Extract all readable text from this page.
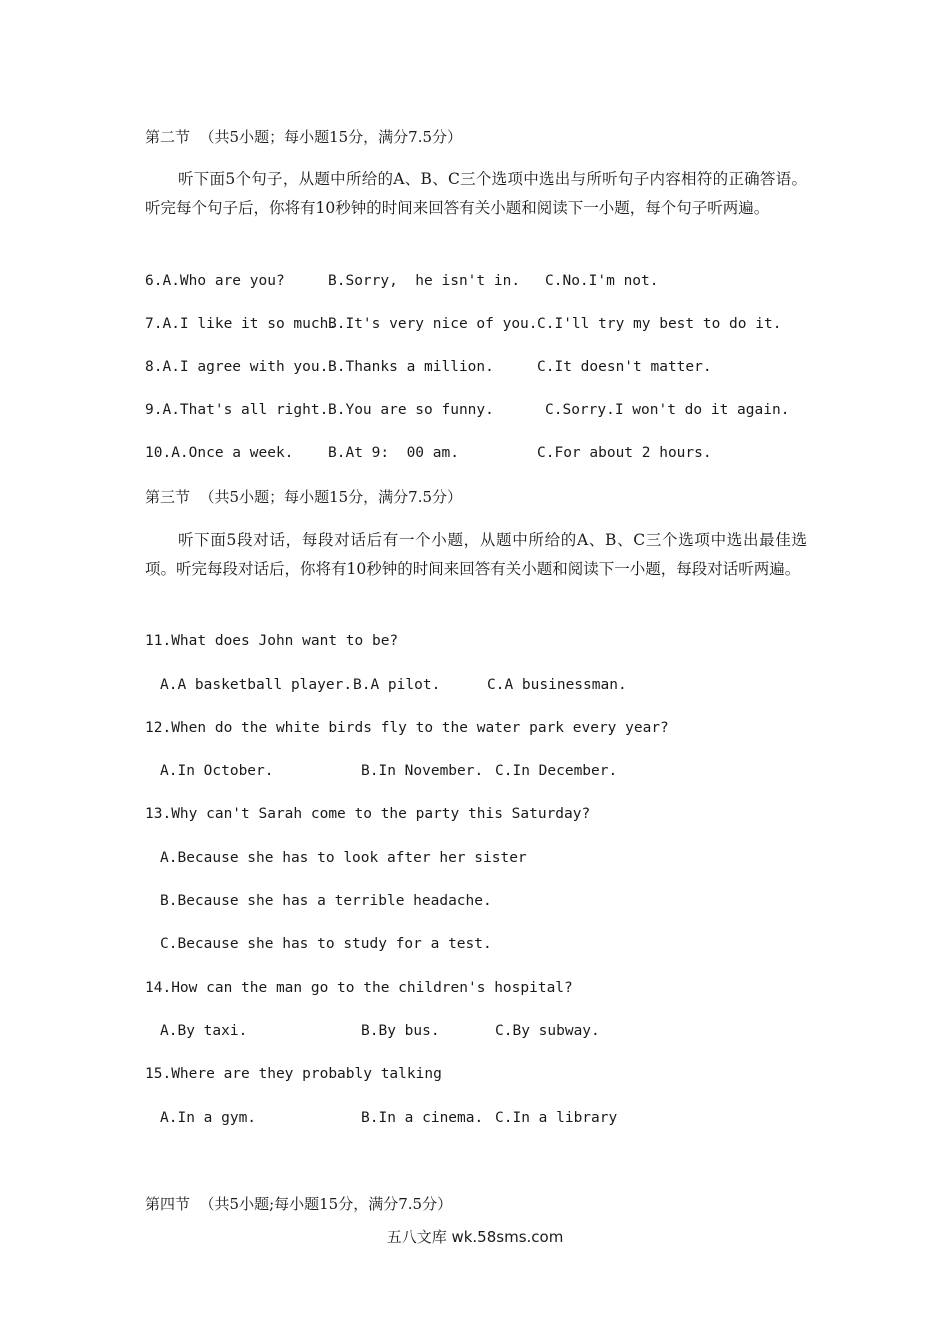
第二节  （共5小题；每小题15分，满分7.5分）

听下面5个句子，从题中所给的A、B、C三个选项中选出与所听句子内容相符的正确答语。听完每个句子后，你将有10秒钟的时间来回答有关小题和阅读下一小题，每个句子听两遍。

6.A.Who are you?	B.Sorry,  he isn't in. C.No.I'm not.
7.A.I like it so much.
B.It's very nice of you. C.I'll try my best to do it.
8.A.I agree with you. B.Thanks a million.	C.It doesn't matter.
9.A.That's all right. B.You are so funny.	C.Sorry.I won't do it again.
10.A.Once a week. B.At 9:  00 am.	C.For about 2 hours.
第三节  （共5小题；每小题15分，满分7.5分）

听下面5段对话，每段对话后有一个小题，从题中所给的A、B、C三个选项中选出最佳选项。听完每段对话后，你将有10秒钟的时间来回答有关小题和阅读下一小题，每段对话听两遍。

11.What does John want to be?
A.A basketball player. B.A pilot.	C.A businessman.
12.When do the white birds fly to the water park every year?
A.In October.	B.In November. C.In December.
13.Why can't Sarah come to the party this Saturday?
A.Because she has to look after her sister
B.Because she has a terrible headache.
C.Because she has to study for a test.
14.How can the man go to the children's hospital?
A.By taxi.	B.By bus.	C.By subway.
15.Where are they probably talking
A.In a gym.	B.In a cinema. C.In a library
第四节  （共5小题;每小题15分，满分7.5分）
五八文库 wk.58sms.com
